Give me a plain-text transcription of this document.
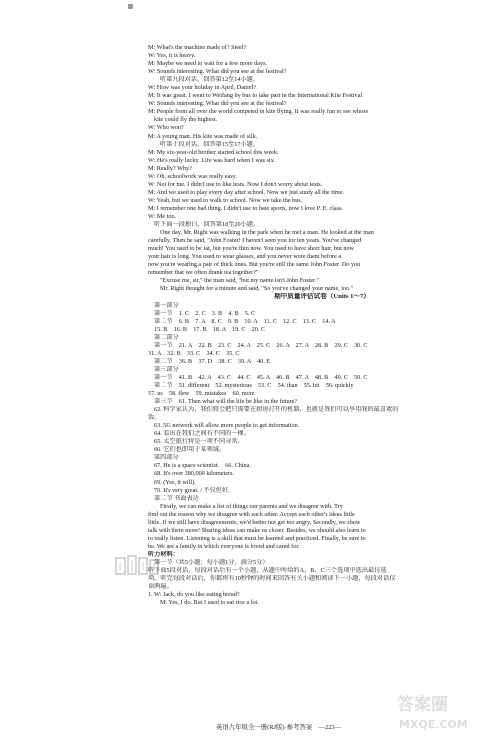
M: What's the machine made of? Steel?
W: Yes, it is heavy.
M: Maybe we need to wait for a few more days.
W: Sounds interesting. What did you see at the festival?
听第九段对话，回答第12至14小题。
W: How was your holiday in April, Daniel?
M: It was great. I went to Weifang by bus to take part in the International Kite Festival
W: Sounds interesting. What did you see at the festival?
M: People from all over the world competed in kite flying. It was really fun to see whose
kite could fly the highest.
W: Who won?
M: A young man. His kite was made of silk.
听第十段对话，回答第15至17小题。
M: My six-year-old brother started school this week.
W: He's really lucky. Life was hard when I was six.
M: Really? Why?
W: Oh, schoolwork was really easy.
W: Not for me. I didn't use to like tests. Now I don't worry about tests.
M: And we used to play every day after school. Now we just study all the time.
W: Yeah, but we used to walk to school. Now we take the bus.
M: I remember one bad thing. I didn't use to hate sports, now I love P. E. class.
W: Me too.
听下面一段独白，回答第18至20小题。
One day, Mr. Right was walking in the park when he met a man. He looked at the man
carefully. Then he said, "John Foster! I haven't seen you for ten years. You've changed
much! You used to be fat, but you're thin now. You used to have short hair, but now
your hair is long. You used to wear glasses, and you never wore them before a
now you're wearing a pair of thick ones. But you're still the same John Foster. Do you
remember that we often drank tea together?"
"Excuse me, sir," the man said, "but my name isn't John Foster."
Mr. Right thought for a minute and said, "So you've changed your name, too."
期中质量评估试卷（Units 1～7）
第一部分
第一节　1. C　2. C　3. B　4. B　5. C
第二节　6. B　7. A　8. C　9. B　10. A　11. C　12. C　13. C　14. A
15. B　16. B　17. B　18. A　19. C　20. C
第二部分
第一节　21. A　22. B　23. C　24. A　25. C　26. A　27. A　28. B　29. C　30. C
31. A　32. B　33. C　34. C　35. C
第二节　36. B　37. D　38. C　39. A　40. E
第三部分
第一节　41. B　42. A　43. C　44. C　45. A　46. B　47. A　48. B　49. C　50. C
第二节　51. different　52. mysterious　53. C　54. than　55. hit　56. quickly
57. us　58. flew　59. mistakes　60. more
第三节　61. Then what will the life be like in the future?
62. 科学家认为，我们将会把只需要在厨房打开的机器，也就是我们可以享用我的最喜欢的
饭。
63. 5G network will allow more people to get information.
64. 看出在我们之间有不同的一棵。
65. 太空旅行将是一项不同寻常。
66. 它们也即用于某领域。
第四部分
67. He is a space scientist.　66. China.
68. It's over 380,000 kilometers.
69. (Yes, it will).
70. It's very great. / 不仅但好.
第二节 书面表达
Firstly, we can make a list of things our parents and we disagree with. Try
find out the reason why we disagree with each other. Accept each other's ideas little
little. If we still have disagreements, we'd better not get too angry. Secondly, we show
talk with them more! Sharing ideas can make us closer. Besides, we should also learn to
to really listen. Listening is a skill that must be learned and practiced. Finally, be sure to
be. We are a family in which everyone is loved and cared for.
听力材料：
第一节（共5小题；每小题1分，满分5分）
听下面5段对话，每段对话后有一个小题，从题中所给的A、B、C三个选项中选出最佳选
项。听完每段对话后，你都将有10秒钟的时间来回答有关小题和阅读下一小题，每段对话仅
读两遍。
1. W: Jack, do you like eating bread?
M: Yes, I do. But I used to eat rice a lot.
英语九年级全一册(RJ版)·参考答案　—223—
答案圈
MXQE.COM
